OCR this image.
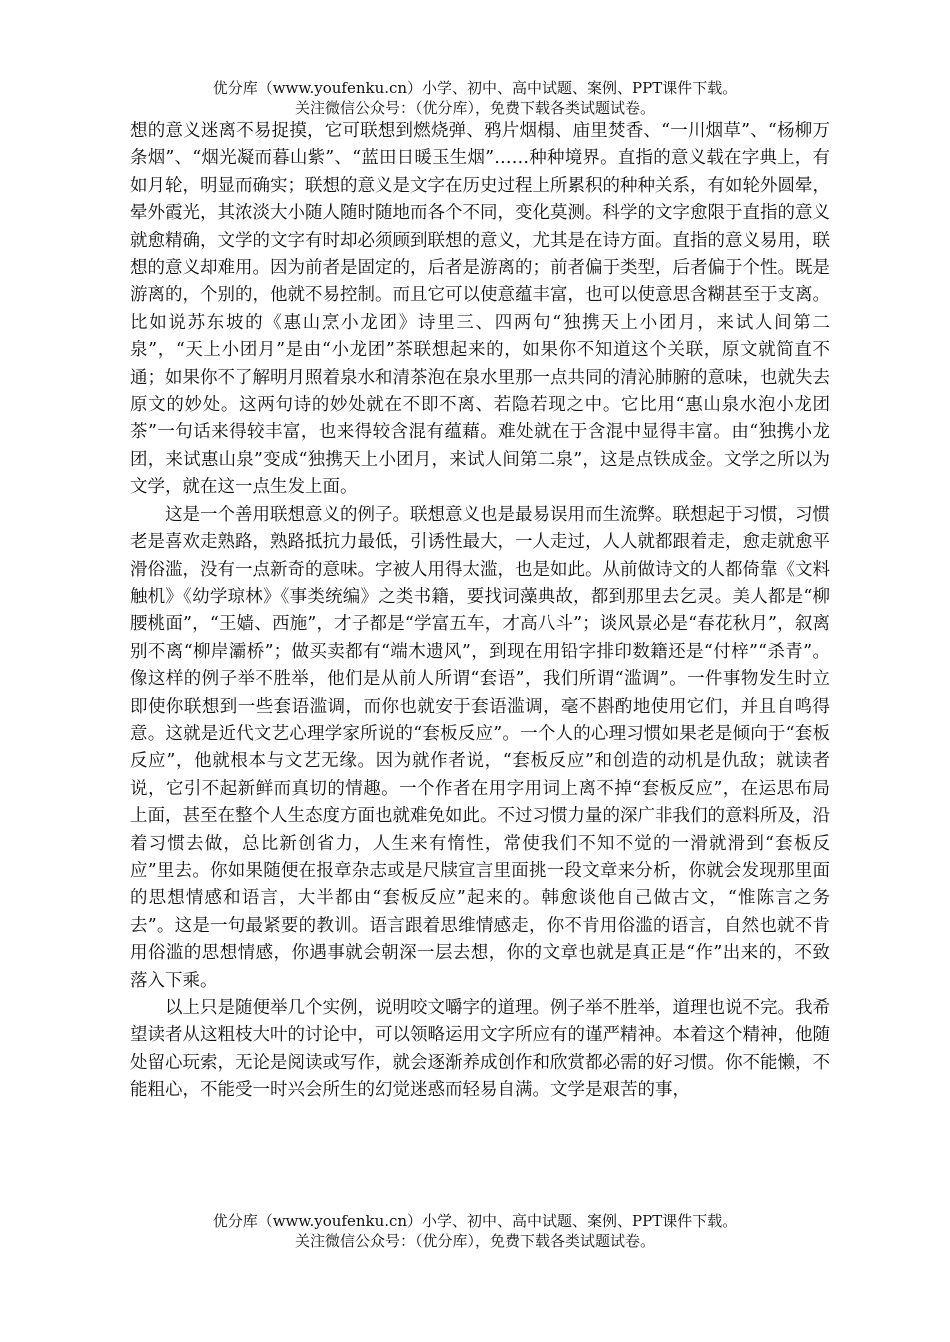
优分库（www.youfenku.cn）小学、初中、高中试题、案例、PPT课件下载。
关注微信公众号：（优分库），免费下载各类试题试卷。

想的意义迷离不易捉摸，它可联想到燃烧弹、鸦片烟榻、庙里焚香、“一川烟草”、“杨柳万条烟”、“烟光凝而暮山紫”、“蓝田日暖玉生烟”……种种境界。直指的意义载在字典上，有如月轮，明显而确实；联想的意义是文字在历史过程上所累积的种种关系，有如轮外圆晕，晕外霞光，其浓淡大小随人随时随地而各个不同，变化莫测。科学的文字愈限于直指的意义就愈精确，文学的文字有时却必须顾到联想的意义，尤其是在诗方面。直指的意义易用，联想的意义却难用。因为前者是固定的，后者是游离的；前者偏于类型，后者偏于个性。既是游离的，个别的，他就不易控制。而且它可以使意蕴丰富，也可以使意思含糊甚至于支离。比如说苏东坡的《惠山烹小龙团》诗里三、四两句“独携天上小团月，来试人间第二泉”，“天上小团月”是由“小龙团”茶联想起来的，如果你不知道这个关联，原文就简直不通；如果你不了解明月照着泉水和清茶泡在泉水里那一点共同的清沁肺腑的意味，也就失去原文的妙处。这两句诗的妙处就在不即不离、若隐若现之中。它比用“惠山泉水泡小龙团茶”一句话来得较丰富，也来得较含混有蕴藉。难处就在于含混中显得丰富。由“独携小龙团，来试惠山泉”变成“独携天上小团月，来试人间第二泉”，这是点铁成金。文学之所以为文学，就在这一点生发上面。

这是一个善用联想意义的例子。联想意义也是最易误用而生流弊。联想起于习惯，习惯老是喜欢走熟路，熟路抵抗力最低，引诱性最大，一人走过，人人就都跟着走，愈走就愈平滑俗滥，没有一点新奇的意味。字被人用得太滥，也是如此。从前做诗文的人都倚靠《文料触机》《幼学琼林》《事类统编》之类书籍，要找词藻典故，都到那里去乞灵。美人都是“柳腰桃面”，“王嫱、西施”，才子都是“学富五车，才高八斗”；谈风景必是“春花秋月”，叙离别不离“柳岸灞桥”；做买卖都有“端木遗风”，到现在用铅字排印数籍还是“付梓”“杀青”。像这样的例子举不胜举，他们是从前人所谓“套语”，我们所谓“滥调”。一件事物发生时立即使你联想到一些套语滥调，而你也就安于套语滥调，毫不斟酌地使用它们，并且自鸣得意。这就是近代文艺心理学家所说的“套板反应”。一个人的心理习惯如果老是倾向于“套板反应”，他就根本与文艺无缘。因为就作者说，“套板反应”和创造的动机是仇敌；就读者说，它引不起新鲜而真切的情趣。一个作者在用字用词上离不掉“套板反应”，在运思布局上面，甚至在整个人生态度方面也就难免如此。不过习惯力量的深广非我们的意料所及，沿着习惯去做，总比新创省力，人生来有惰性，常使我们不知不觉的一滑就滑到“套板反应”里去。你如果随便在报章杂志或是尺牍宣言里面挑一段文章来分析，你就会发现那里面的思想情感和语言，大半都由“套板反应”起来的。韩愈谈他自己做古文，“惟陈言之务去”。这是一句最紧要的教训。语言跟着思维情感走，你不肯用俗滥的语言，自然也就不肯用俗滥的思想情感，你遇事就会朝深一层去想，你的文章也就是真正是“作”出来的，不致落入下乘。

以上只是随便举几个实例，说明咬文嚼字的道理。例子举不胜举，道理也说不完。我希望读者从这粗枝大叶的讨论中，可以领略运用文字所应有的谨严精神。本着这个精神，他随处留心玩索，无论是阅读或写作，就会逐渐养成创作和欣赏都必需的好习惯。你不能懒，不能粗心，不能受一时兴会所生的幻觉迷惑而轻易自满。文学是艰苦的事，

优分库（www.youfenku.cn）小学、初中、高中试题、案例、PPT课件下载。
关注微信公众号：（优分库），免费下载各类试题试卷。
